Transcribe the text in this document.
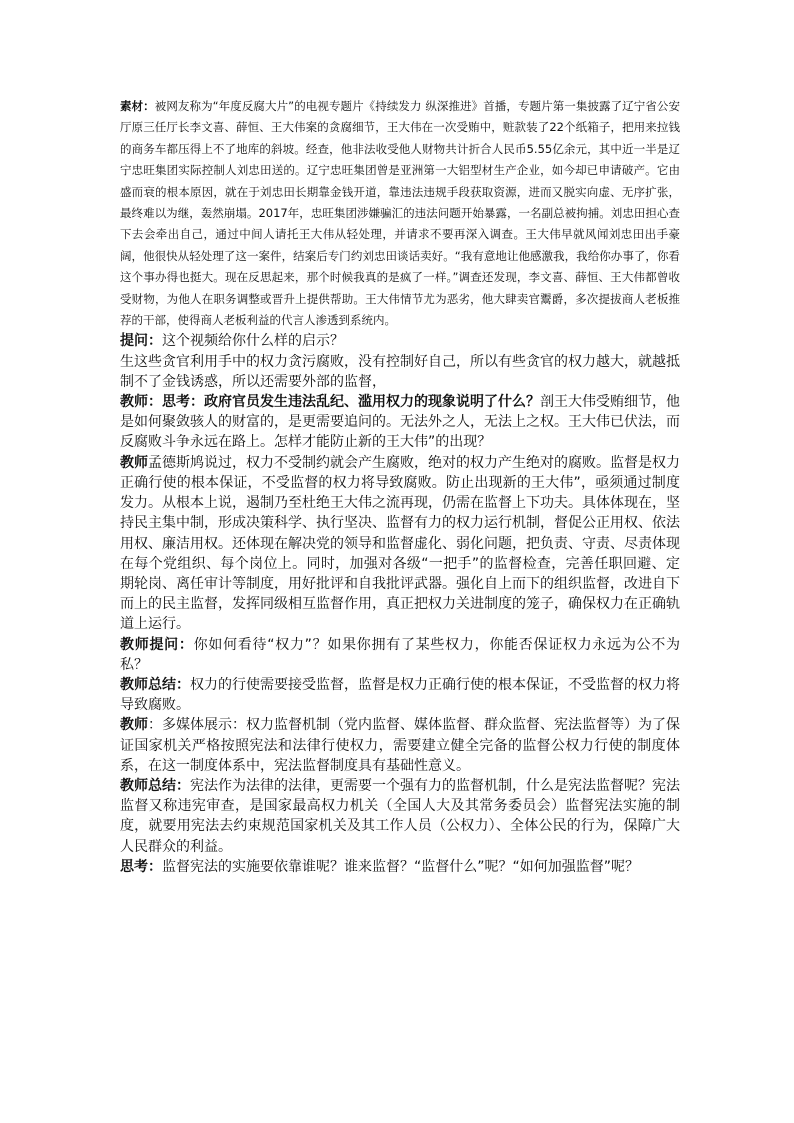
素材：被网友称为“年度反腐大片”的电视专题片《持续发力 纵深推进》首播，专题片第一集披露了辽宁省公安厅原三任厅长李文喜、薛恒、王大伟案的贪腐细节，王大伟在一次受贿中，赃款装了22个纸箱子，把用来拉钱的商务车都压得上不了地库的斜坡。经查，他非法收受他人财物共计折合人民币5.55亿余元，其中近一半是辽宁忠旺集团实际控制人刘忠田送的。辽宁忠旺集团曾是亚洲第一大铝型材生产企业，如今却已申请破产。它由盛而衰的根本原因，就在于刘忠田长期靠金钱开道，靠违法违规手段获取资源，进而又脱实向虚、无序扩张，最终难以为继，轰然崩塌。2017年，忠旺集团涉嫌骗汇的违法问题开始暴露，一名副总被拘捕。刘忠田担心查下去会牵出自己，通过中间人请托王大伟从轻处理，并请求不要再深入调查。王大伟早就风闻刘忠田出手豪阔，他很快从轻处理了这一案件，结案后专门约刘忠田谈话卖好。“我有意地让他感激我，我给你办事了，你看这个事办得也挺大。现在反思起来，那个时候我真的是疯了一样。”调查还发现，李文喜、薛恒、王大伟都曾收受财物，为他人在职务调整或晋升上提供帮助。王大伟情节尤为恶劣，他大肆卖官鬻爵，多次提拔商人老板推荐的干部，使得商人老板利益的代言人渗透到系统内。

提问：这个视频给你什么样的启示？

生这些贪官利用手中的权力贪污腐败，没有控制好自己，所以有些贪官的权力越大，就越抵制不了金钱诱惑，所以还需要外部的监督，

教师：思考：政府官员发生违法乱纪、滥用权力的现象说明了什么？剖王大伟受贿细节，他是如何聚敛骇人的财富的，是更需要追问的。无法外之人，无法上之权。王大伟已伏法，而反腐败斗争永远在路上。怎样才能防止新的王大伟”的出现？

教师孟德斯鸠说过，权力不受制约就会产生腐败，绝对的权力产生绝对的腐败。监督是权力正确行使的根本保证，不受监督的权力将导致腐败。防止出现新的王大伟”，亟须通过制度发力。从根本上说，遏制乃至杜绝王大伟之流再现，仍需在监督上下功夫。具体体现在，坚持民主集中制，形成决策科学、执行坚决、监督有力的权力运行机制，督促公正用权、依法用权、廉洁用权。还体现在解决党的领导和监督虚化、弱化问题，把负责、守责、尽责体现在每个党组织、每个岗位上。同时，加强对各级“一把手”的监督检查，完善任职回避、定期轮岗、离任审计等制度，用好批评和自我批评武器。强化自上而下的组织监督，改进自下而上的民主监督，发挥同级相互监督作用，真正把权力关进制度的笼子，确保权力在正确轨道上运行。

教师提问：你如何看待“权力”？如果你拥有了某些权力，你能否保证权力永远为公不为私？

教师总结：权力的行使需要接受监督，监督是权力正确行使的根本保证，不受监督的权力将导致腐败。

教师：多媒体展示：权力监督机制（党内监督、媒体监督、群众监督、宪法监督等）为了保证国家机关严格按照宪法和法律行使权力，需要建立健全完备的监督公权力行使的制度体系，在这一制度体系中，宪法监督制度具有基础性意义。

教师总结：宪法作为法律的法律，更需要一个强有力的监督机制，什么是宪法监督呢？宪法监督又称违宪审查，是国家最高权力机关（全国人大及其常务委员会）监督宪法实施的制度，就要用宪法去约束规范国家机关及其工作人员（公权力）、全体公民的行为，保障广大人民群众的利益。

思考：监督宪法的实施要依靠谁呢？谁来监督？“监督什么”呢？“如何加强监督”呢？
